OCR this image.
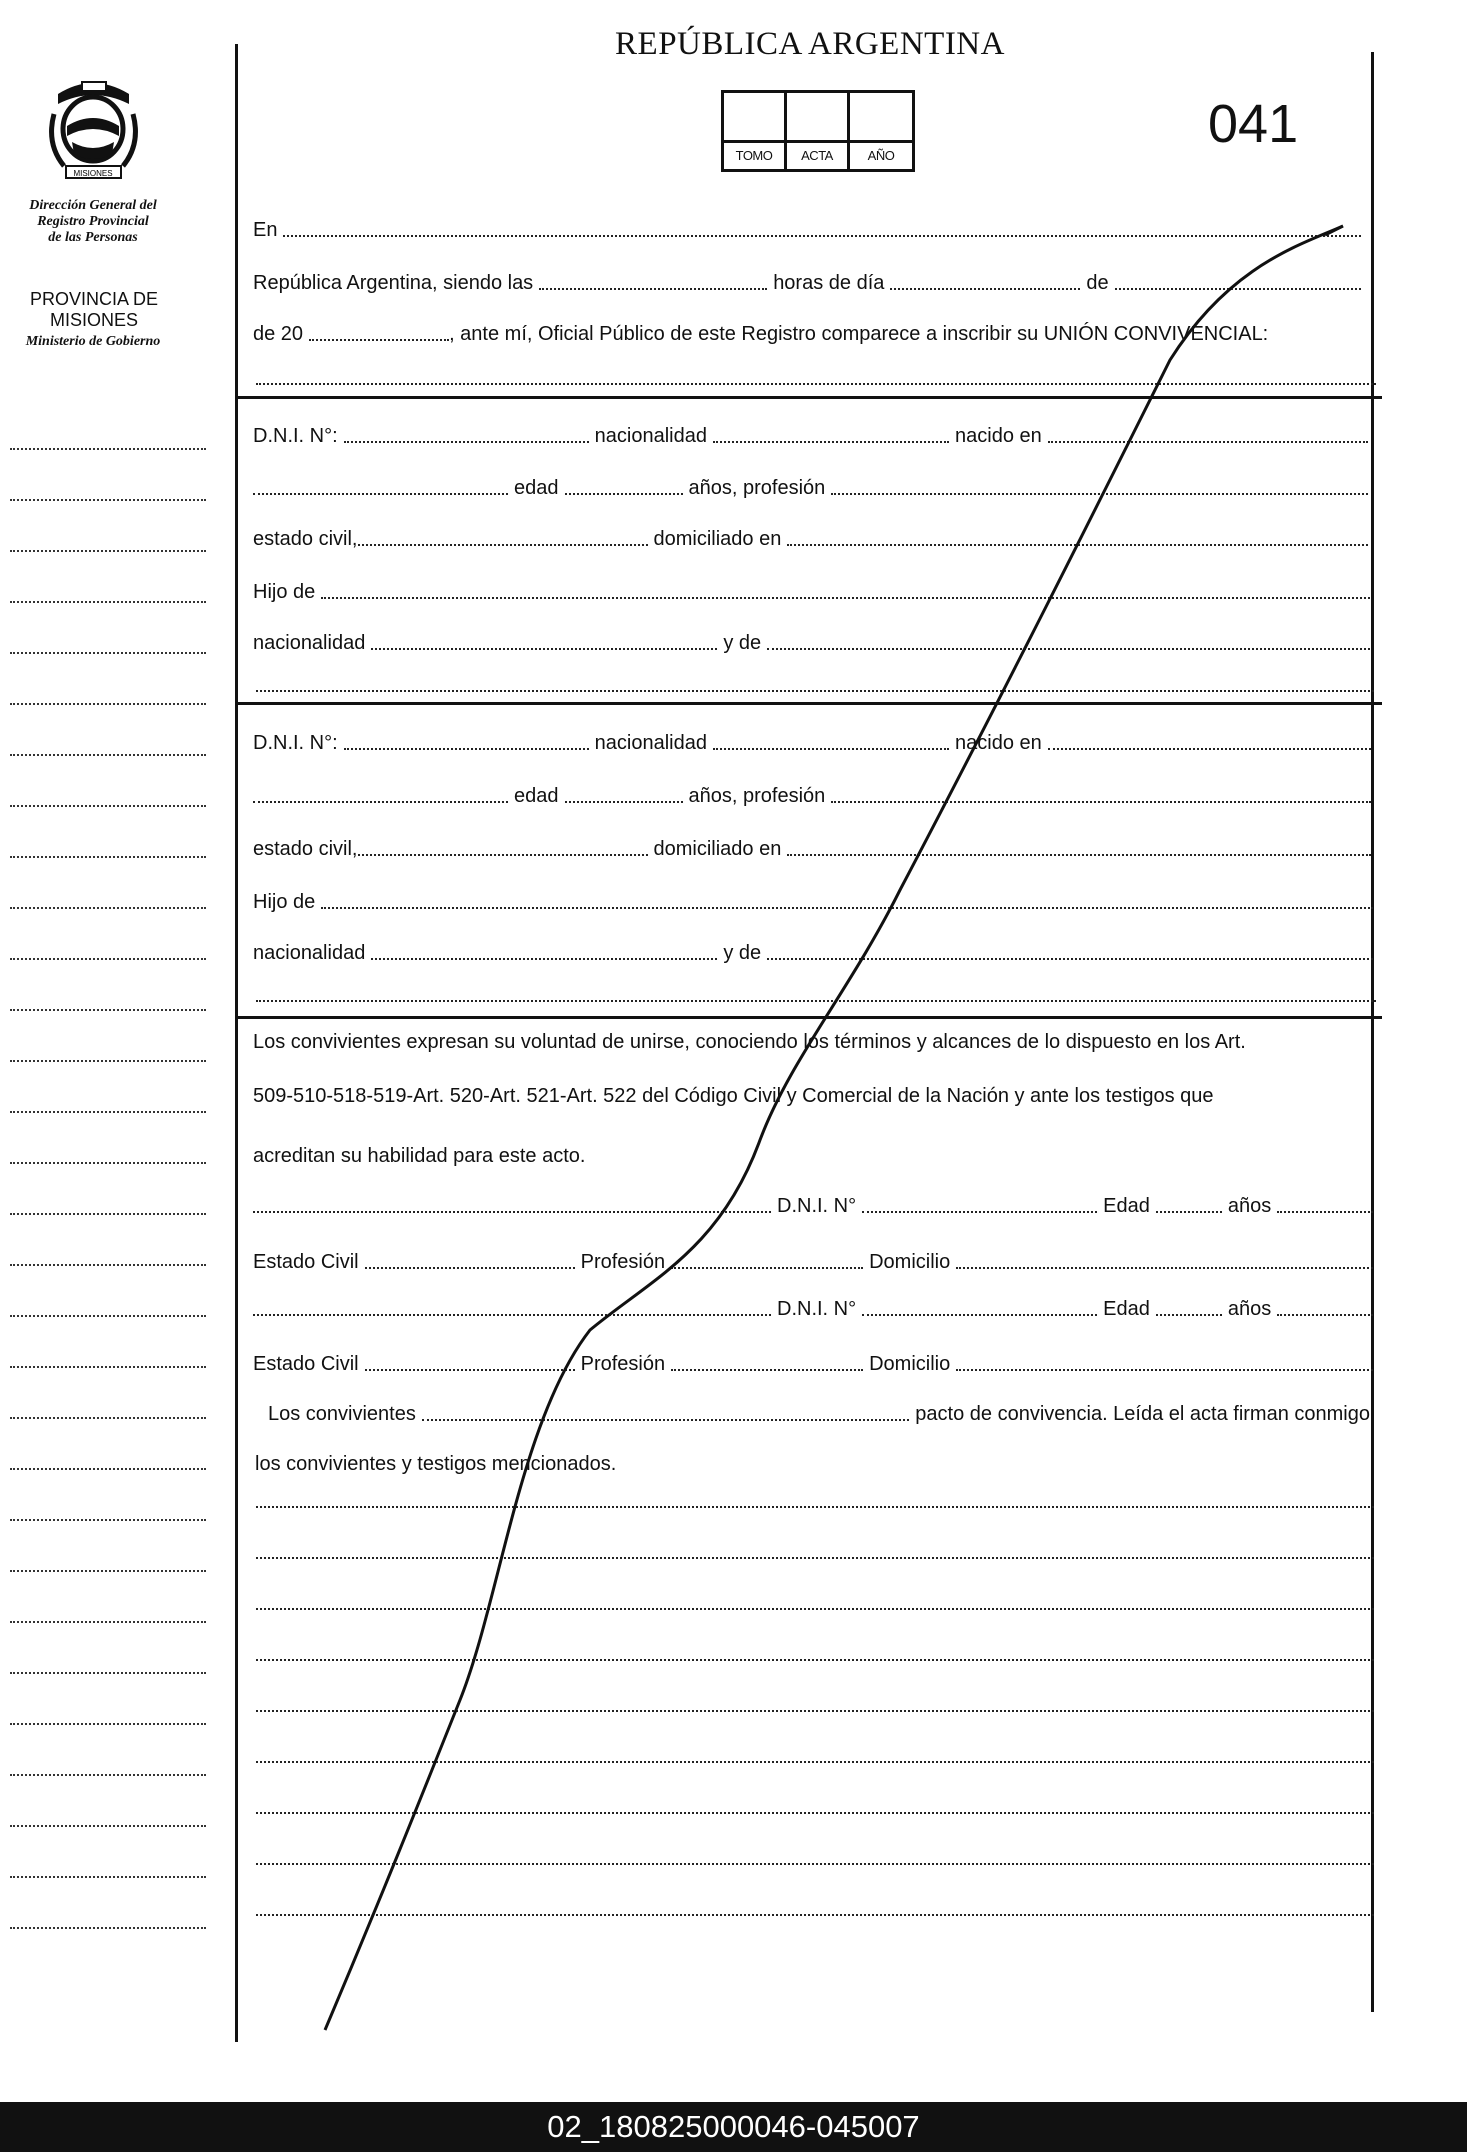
MISIONES
Dirección General del
Registro Provincial
de las Personas
PROVINCIA DE
MISIONES
Ministerio de Gobierno
REPÚBLICA ARGENTINA
TOMO	ACTA	AÑO
041
En
República Argentina, siendo las	horas de día	de
de 20	, ante mí, Oficial Público de este Registro comparece a inscribir su UNIÓN CONVIVENCIAL:
D.N.I. N°:	nacionalidad	nacido en
edad	años, profesión
estado civil,	domiciliado en
Hijo de
nacionalidad	y de
D.N.I. N°:	nacionalidad	nacido en
edad	años, profesión
estado civil,	domiciliado en
Hijo de
nacionalidad	y de
Los convivientes expresan su voluntad de unirse, conociendo los términos y alcances de lo dispuesto en los Art.
509-510-518-519-Art. 520-Art. 521-Art. 522 del Código Civil y Comercial de la Nación y ante los testigos que
acreditan su habilidad para este acto.
D.N.I. N°	Edad	años
Estado Civil	Profesión	Domicilio
D.N.I. N°	Edad	años
Estado Civil	Profesión	Domicilio
Los convivientes	pacto de convivencia. Leída el acta firman conmigo
los convivientes y testigos mencionados.
02_180825000046-045007
